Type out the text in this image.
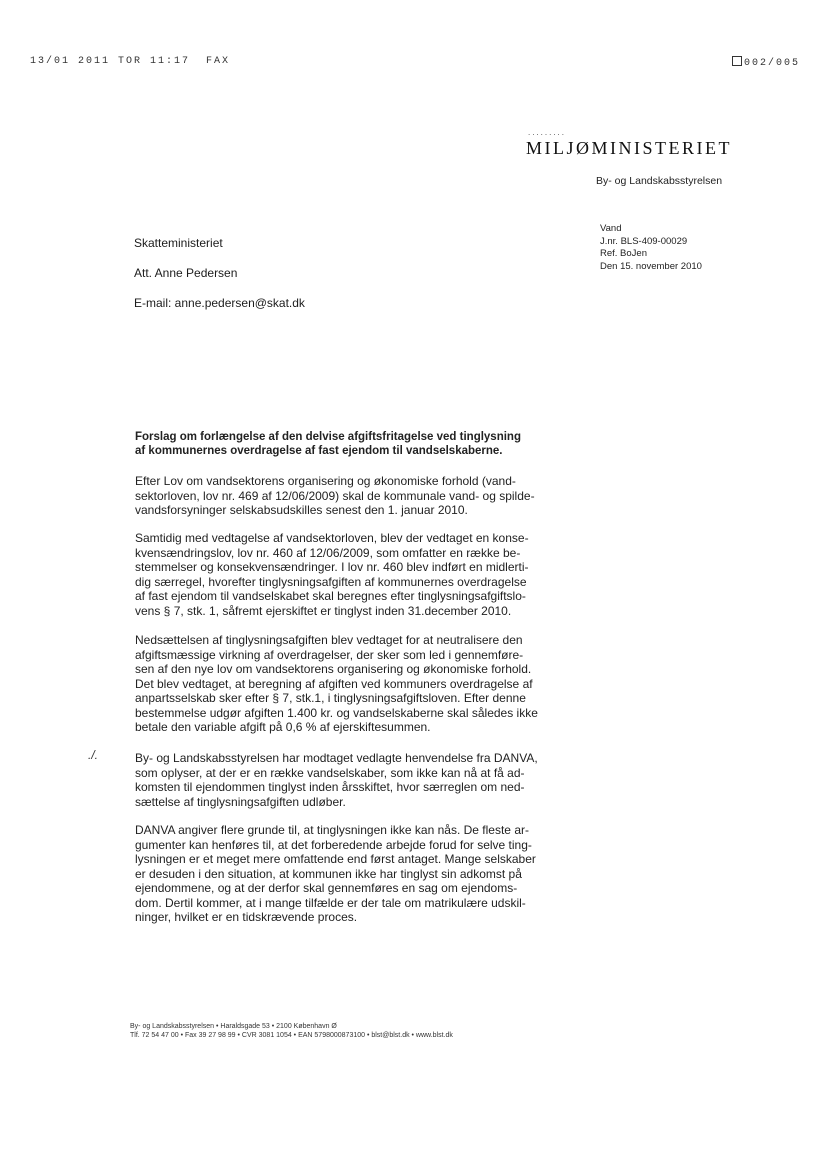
13/01 2011 TOR 11:17  FAX	002/005
.........
MILJØMINISTERIET
By- og Landskabsstyrelsen
Skatteministeriet
Att. Anne Pedersen
E-mail: anne.pedersen@skat.dk
Vand
J.nr. BLS-409-00029
Ref. BoJen
Den 15. november 2010
Forslag om forlængelse af den delvise afgiftsfritagelse ved tinglysning
af kommunernes overdragelse af fast ejendom til vandselskaberne.
Efter Lov om vandsektorens organisering og økonomiske forhold (vand-
sektorloven, lov nr. 469 af 12/06/2009) skal de kommunale vand- og spilde-
vandsforsyninger selskabsudskilles senest den 1. januar 2010.
Samtidig med vedtagelse af vandsektorloven, blev der vedtaget en konse-
kvensændringslov, lov nr. 460 af 12/06/2009, som omfatter en række be-
stemmelser og konsekvensændringer. I lov nr. 460 blev indført en midlerti-
dig særregel, hvorefter tinglysningsafgiften af kommunernes overdragelse
af fast ejendom til vandselskabet skal beregnes efter tinglysningsafgiftslo-
vens § 7, stk. 1, såfremt ejerskiftet er tinglyst inden 31.december 2010.
Nedsættelsen af tinglysningsafgiften blev vedtaget for at neutralisere den
afgiftsmæssige virkning af overdragelser, der sker som led i gennemføre-
sen af den nye lov om vandsektorens organisering og økonomiske forhold.
Det blev vedtaget, at beregning af afgiften ved kommuners overdragelse af
anpartsselskab sker efter § 7, stk.1, i tinglysningsafgiftsloven. Efter denne
bestemmelse udgør afgiften 1.400 kr. og vandselskaberne skal således ikke
betale den variable afgift på 0,6 % af ejerskiftesummen.
./.	By- og Landskabsstyrelsen har modtaget vedlagte henvendelse fra DANVA,
som oplyser, at der er en række vandselskaber, som ikke kan nå at få ad-
komsten til ejendommen tinglyst inden årsskiftet, hvor særreglen om ned-
sættelse af tinglysningsafgiften udløber.
DANVA angiver flere grunde til, at tinglysningen ikke kan nås. De fleste ar-
gumenter kan henføres til, at det forberedende arbejde forud for selve ting-
lysningen er et meget mere omfattende end først antaget. Mange selskaber
er desuden i den situation, at kommunen ikke har tinglyst sin adkomst på
ejendommene, og at der derfor skal gennemføres en sag om ejendoms-
dom. Dertil kommer, at i mange tilfælde er der tale om matrikulære udskil-
ninger, hvilket er en tidskrævende proces.
By- og Landskabsstyrelsen • Haraldsgade 53 • 2100 København Ø
Tlf. 72 54 47 00 • Fax 39 27 98 99 • CVR 3081 1054 • EAN 5798000873100 • blst@blst.dk • www.blst.dk
